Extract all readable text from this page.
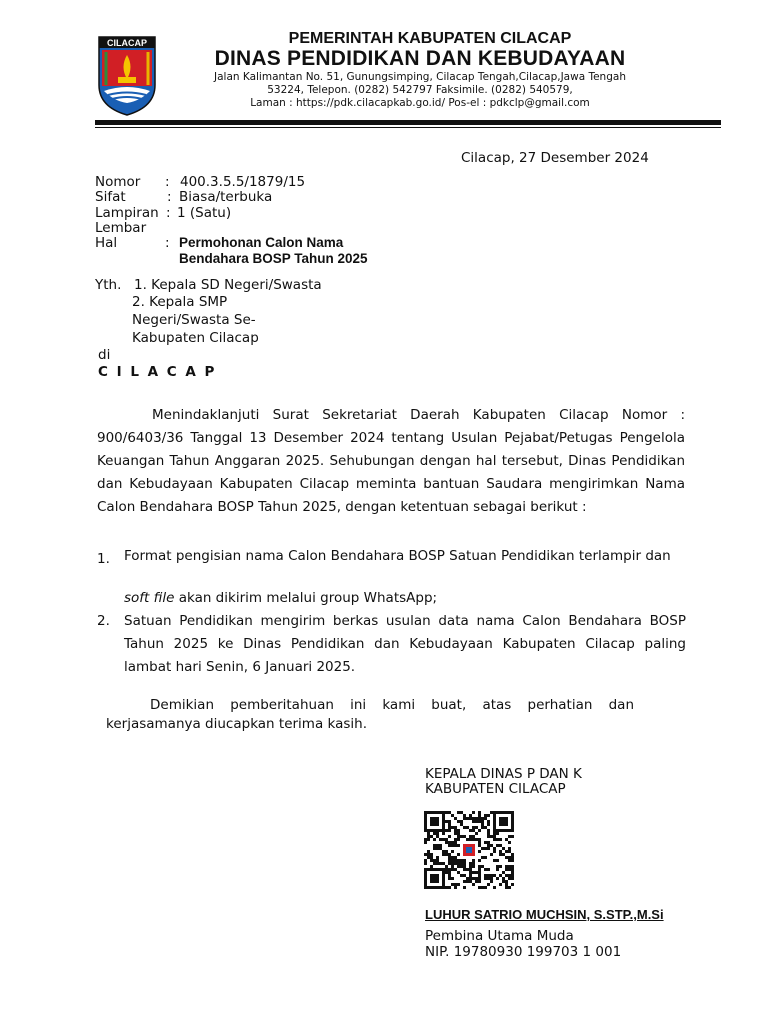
CILACAP	PEMERINTAH KABUPATEN CILACAP
DINAS PENDIDIKAN DAN KEBUDAYAAN
Jalan Kalimantan No. 51, Gunungsimping, Cilacap Tengah,Cilacap,Jawa Tengah
53224, Telepon. (0282) 542797 Faksimile. (0282) 540579,
Laman : https://pdk.cilacapkab.go.id/ Pos-el : pdkclp@gmail.com
Cilacap, 27 Desember 2024
Nomor : 400.3.5.5/1879/15
Sifat	: Biasa/terbuka
Lampiran : 1 (Satu)
Lembar
Hal	: Permohonan Calon Nama
Bendahara BOSP Tahun 2025
Yth. 1. Kepala SD Negeri/Swasta
2. Kepala SMP
Negeri/Swasta Se-
Kabupaten Cilacap
di
C I L A C A P
Menindaklanjuti Surat Sekretariat Daerah Kabupaten Cilacap Nomor : 900/6403/36 Tanggal 13 Desember 2024 tentang Usulan Pejabat/Petugas Pengelola Keuangan Tahun Anggaran 2025. Sehubungan dengan hal tersebut, Dinas Pendidikan dan Kebudayaan Kabupaten Cilacap meminta bantuan Saudara mengirimkan Nama Calon Bendahara BOSP Tahun 2025, dengan ketentuan sebagai berikut :
1. Format pengisian nama Calon Bendahara BOSP Satuan Pendidikan terlampir dan
soft file akan dikirim melalui group WhatsApp;
2. Satuan Pendidikan mengirim berkas usulan data nama Calon Bendahara BOSP Tahun 2025 ke Dinas Pendidikan dan Kebudayaan Kabupaten Cilacap paling lambat hari Senin, 6 Januari 2025.
Demikian pemberitahuan ini kami buat, atas perhatian dan kerjasamanya diucapkan terima kasih.
KEPALA DINAS P DAN K
KABUPATEN CILACAP
LUHUR SATRIO MUCHSIN, S.STP.,M.Si
Pembina Utama Muda
NIP. 19780930 199703 1 001
